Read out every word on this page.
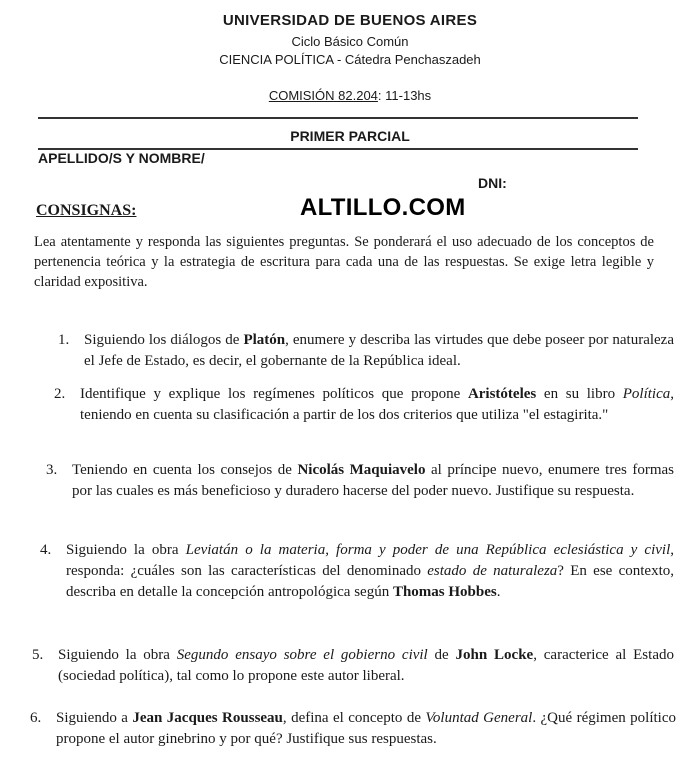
UNIVERSIDAD DE BUENOS AIRES
Ciclo Básico Común
CIENCIA POLÍTICA - Cátedra Penchaszadeh
COMISIÓN 82.204: 11-13hs
PRIMER PARCIAL
APELLIDO/S Y NOMBRE/
DNI:
ALTILLO.COM
CONSIGNAS:
Lea atentamente y responda las siguientes preguntas. Se ponderará el uso adecuado de los conceptos de pertenencia teórica y la estrategia de escritura para cada una de las respuestas. Se exige letra legible y claridad expositiva.
1. Siguiendo los diálogos de Platón, enumere y describa las virtudes que debe poseer por naturaleza el Jefe de Estado, es decir, el gobernante de la República ideal.
2. Identifique y explique los regímenes políticos que propone Aristóteles en su libro Política, teniendo en cuenta su clasificación a partir de los dos criterios que utiliza "el estagirita."
3. Teniendo en cuenta los consejos de Nicolás Maquiavelo al príncipe nuevo, enumere tres formas por las cuales es más beneficioso y duradero hacerse del poder nuevo. Justifique su respuesta.
4. Siguiendo la obra Leviatán o la materia, forma y poder de una República eclesiástica y civil, responda: ¿cuáles son las características del denominado estado de naturaleza? En ese contexto, describa en detalle la concepción antropológica según Thomas Hobbes.
5. Siguiendo la obra Segundo ensayo sobre el gobierno civil de John Locke, caracterice al Estado (sociedad política), tal como lo propone este autor liberal.
6. Siguiendo a Jean Jacques Rousseau, defina el concepto de Voluntad General. ¿Qué régimen político propone el autor ginebrino y por qué? Justifique sus respuestas.
